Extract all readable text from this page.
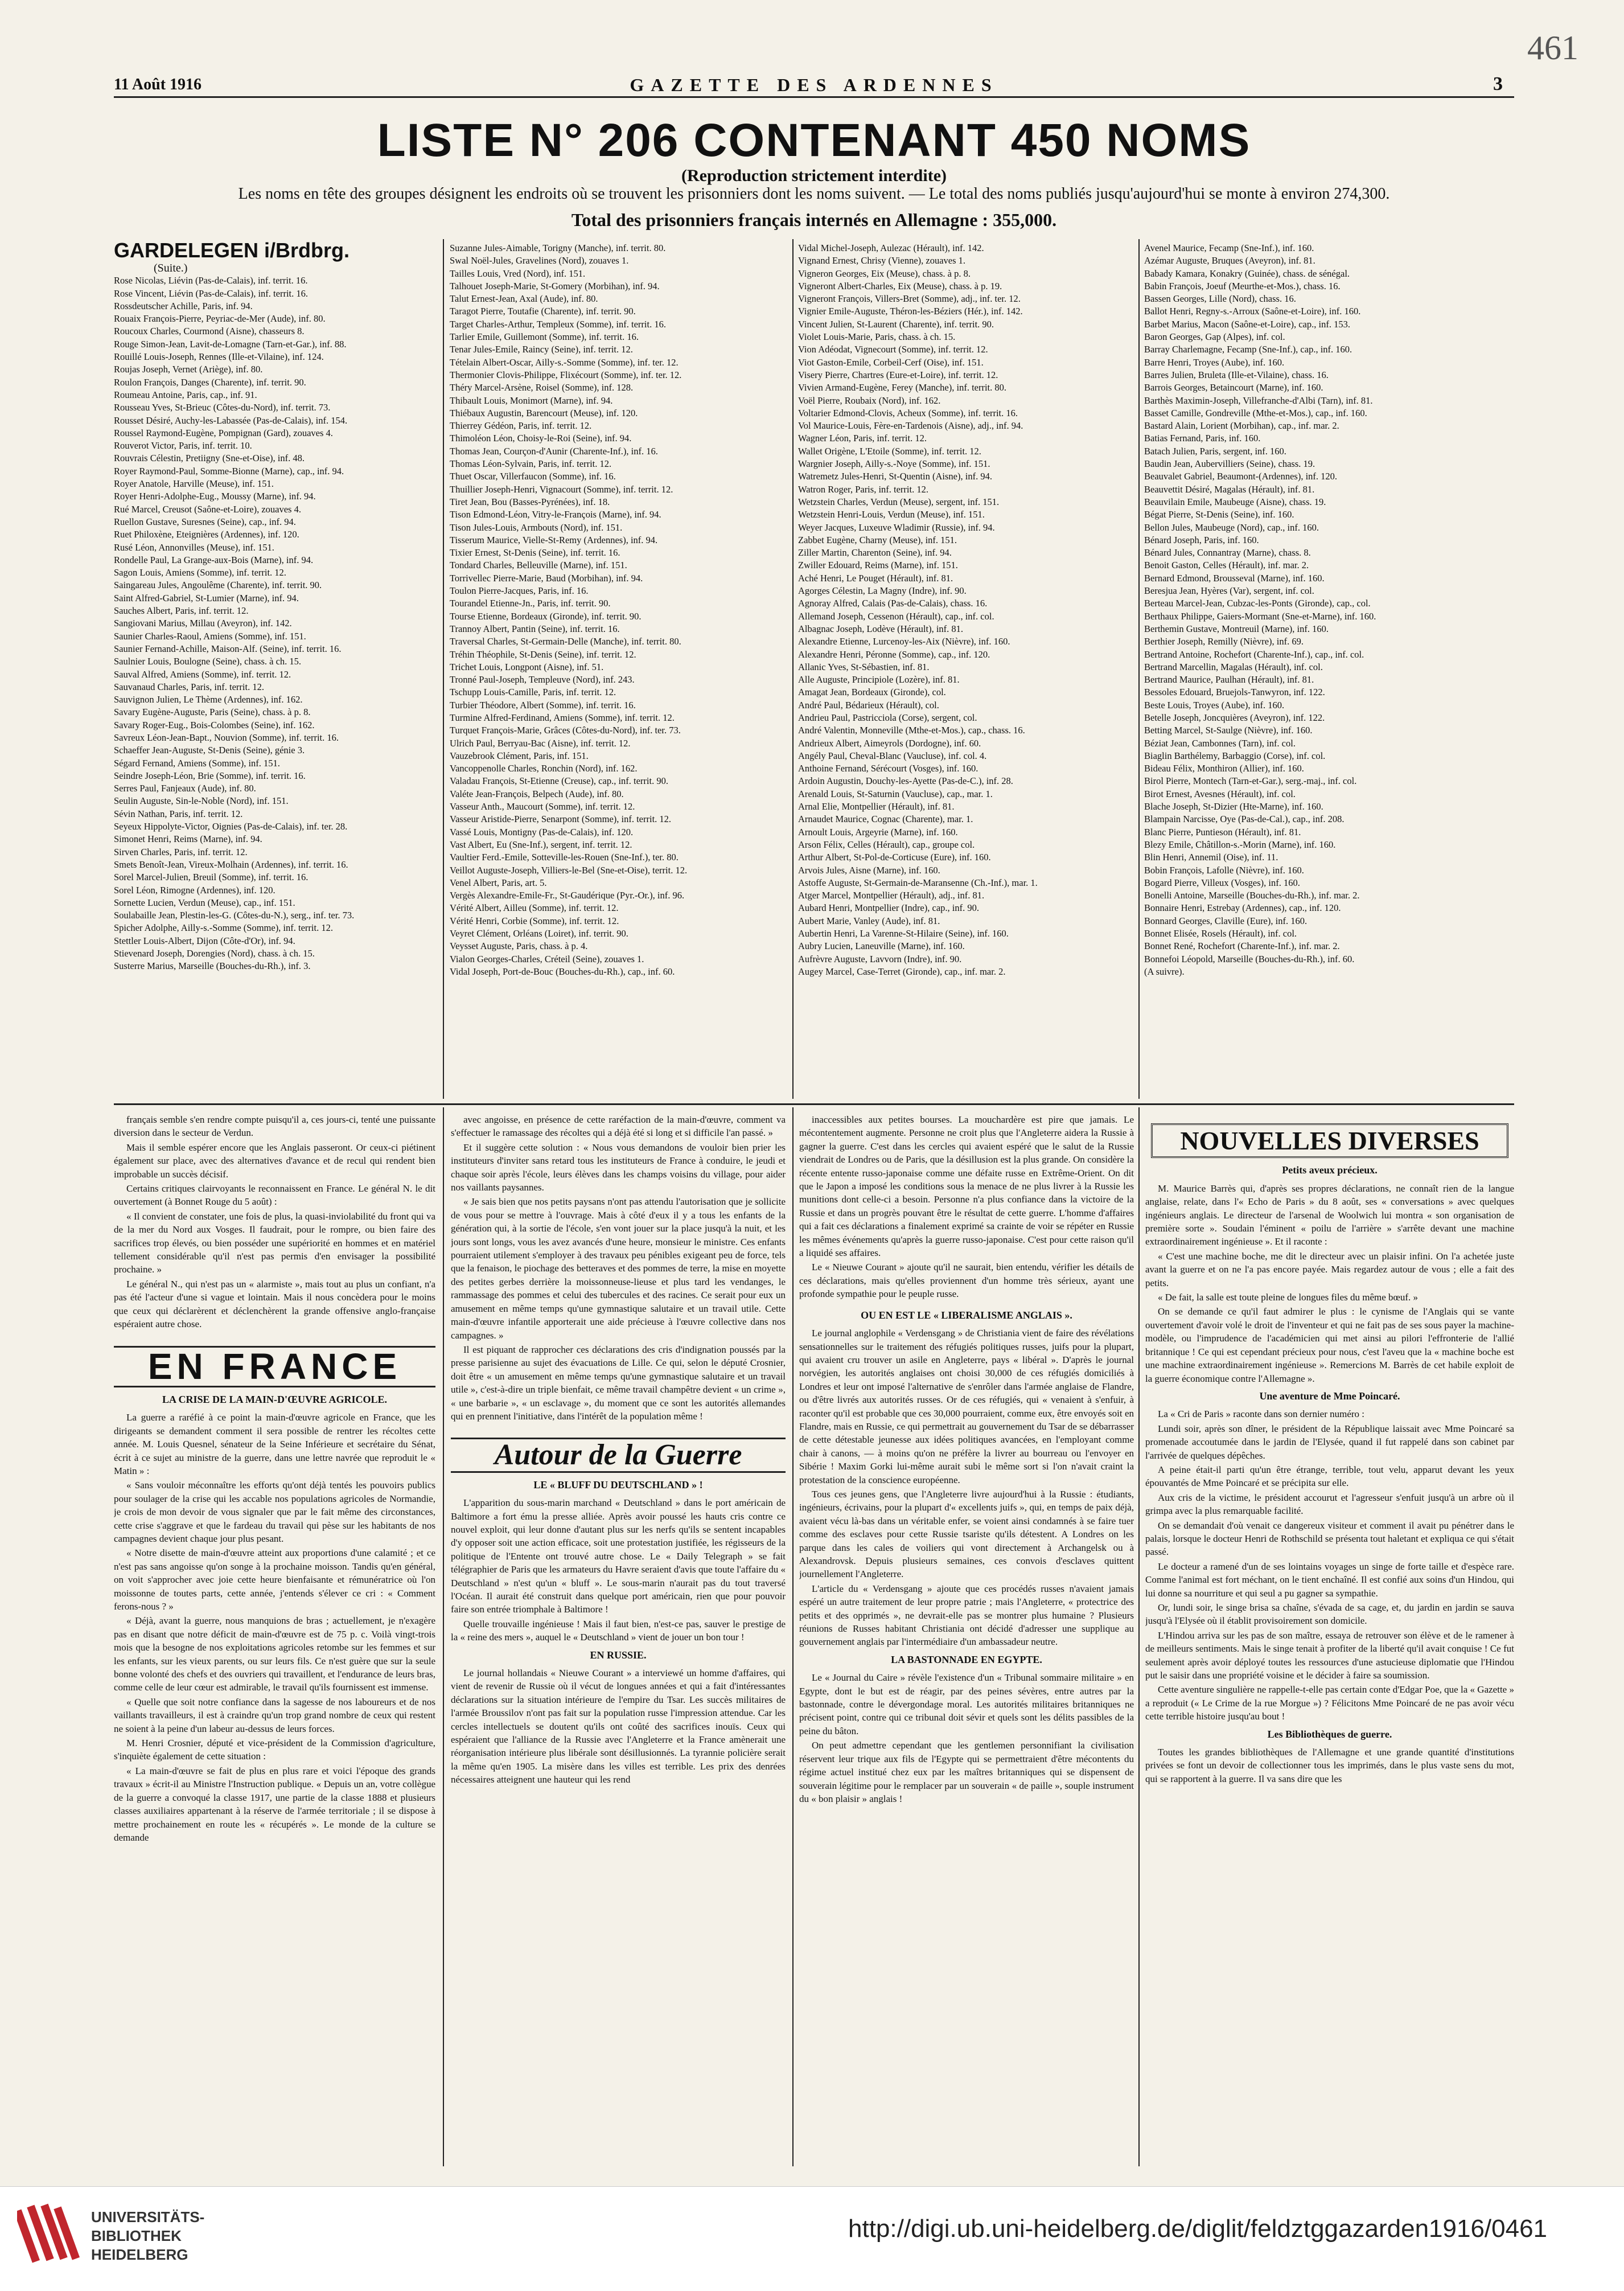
11 Août 1916	GAZETTE DES ARDENNES	3
461
LISTE N° 206 CONTENANT 450 NOMS
(Reproduction strictement interdite)
Les noms en tête des groupes désignent les endroits où se trouvent les prisonniers dont les noms suivent. — Le total des noms publiés jusqu'aujourd'hui se monte à environ 274,300.
Total des prisonniers français internés en Allemagne : 355,000.
GARDELEGEN i/Brdbrg.
(Suite.)
Rose Nicolas, Liévin (Pas-de-Calais), inf. territ. 16.
Rose Vincent, Liévin (Pas-de-Calais), inf. territ. 16.
Rossdeutscher Achille, Paris, inf. 94.
Rouaix François-Pierre, Peyriac-de-Mer (Aude), inf. 80.
Roucoux Charles, Courmond (Aisne), chasseurs 8.
Rouge Simon-Jean, Lavit-de-Lomagne (Tarn-et-Gar.), inf. 88.
Rouillé Louis-Joseph, Rennes (Ille-et-Vilaine), inf. 124.
Roujas Joseph, Vernet (Ariège), inf. 80.
Roulon François, Danges (Charente), inf. territ. 90.
Roumeau Antoine, Paris, cap., inf. 91.
Rousseau Yves, St-Brieuc (Côtes-du-Nord), inf. territ. 73.
Rousset Désiré, Auchy-les-Labassée (Pas-de-Calais), inf. 154.
Roussel Raymond-Eugène, Pompignan (Gard), zouaves 4.
Rouverot Victor, Paris, inf. territ. 10.
Rouvrais Célestin, Pretiigny (Sne-et-Oise), inf. 48.
Royer Raymond-Paul, Somme-Bionne (Marne), cap., inf. 94.
Royer Anatole, Harville (Meuse), inf. 151.
Royer Henri-Adolphe-Eug., Moussy (Marne), inf. 94.
Rué Marcel, Creusot (Saône-et-Loire), zouaves 4.
Ruellon Gustave, Suresnes (Seine), cap., inf. 94.
Ruet Philoxène, Eteignières (Ardennes), inf. 120.
Rusé Léon, Annonvilles (Meuse), inf. 151.
Rondelle Paul, La Grange-aux-Bois (Marne), inf. 94.
Sagon Louis, Amiens (Somme), inf. territ. 12.
Saingareau Jules, Angoulême (Charente), inf. territ. 90.
Saint Alfred-Gabriel, St-Lumier (Marne), inf. 94.
Sauches Albert, Paris, inf. territ. 12.
Sangiovani Marius, Millau (Aveyron), inf. 142.
Saunier Charles-Raoul, Amiens (Somme), inf. 151.
Saunier Fernand-Achille, Maison-Alf. (Seine), inf. territ. 16.
Saulnier Louis, Boulogne (Seine), chass. à ch. 15.
Sauval Alfred, Amiens (Somme), inf. territ. 12.
Sauvanaud Charles, Paris, inf. territ. 12.
Sauvignon Julien, Le Thème (Ardennes), inf. 162.
Savary Eugène-Auguste, Paris (Seine), chass. à p. 8.
Savary Roger-Eug., Bois-Colombes (Seine), inf. 162.
Savreux Léon-Jean-Bapt., Nouvion (Somme), inf. territ. 16.
Schaeffer Jean-Auguste, St-Denis (Seine), génie 3.
Ségard Fernand, Amiens (Somme), inf. 151.
Seindre Joseph-Léon, Brie (Somme), inf. territ. 16.
Serres Paul, Fanjeaux (Aude), inf. 80.
Seulin Auguste, Sin-le-Noble (Nord), inf. 151.
Sévin Nathan, Paris, inf. territ. 12.
Seyeux Hippolyte-Victor, Oignies (Pas-de-Calais), inf. ter. 28.
Simonet Henri, Reims (Marne), inf. 94.
Sirven Charles, Paris, inf. territ. 12.
Smets Benoît-Jean, Vireux-Molhain (Ardennes), inf. territ. 16.
Sorel Marcel-Julien, Breuil (Somme), inf. territ. 16.
Sorel Léon, Rimogne (Ardennes), inf. 120.
Sornette Lucien, Verdun (Meuse), cap., inf. 151.
Soulabaille Jean, Plestin-les-G. (Côtes-du-N.), serg., inf. ter. 73.
Spicher Adolphe, Ailly-s.-Somme (Somme), inf. territ. 12.
Stettler Louis-Albert, Dijon (Côte-d'Or), inf. 94.
Stievenard Joseph, Dorengies (Nord), chass. à ch. 15.
Susterre Marius, Marseille (Bouches-du-Rh.), inf. 3.
Suzanne Jules-Aimable, Torigny (Manche), inf. territ. 80.
Swal Noël-Jules, Gravelines (Nord), zouaves 1.
Tailles Louis, Vred (Nord), inf. 151.
Talhouet Joseph-Marie, St-Gomery (Morbihan), inf. 94.
Talut Ernest-Jean, Axal (Aude), inf. 80.
Taragot Pierre, Toutafie (Charente), inf. territ. 90.
Target Charles-Arthur, Templeux (Somme), inf. territ. 16.
Tarlier Emile, Guillemont (Somme), inf. territ. 16.
Tenar Jules-Emile, Raincy (Seine), inf. territ. 12.
Tételain Albert-Oscar, Ailly-s.-Somme (Somme), inf. ter. 12.
Thermonier Clovis-Philippe, Flixécourt (Somme), inf. ter. 12.
Théry Marcel-Arsène, Roisel (Somme), inf. 128.
Thibault Louis, Monimort (Marne), inf. 94.
Thiébaux Augustin, Barencourt (Meuse), inf. 120.
Thierrey Gédéon, Paris, inf. territ. 12.
Thimoléon Léon, Choisy-le-Roi (Seine), inf. 94.
Thomas Jean, Courçon-d'Aunir (Charente-Inf.), inf. 16.
Thomas Léon-Sylvain, Paris, inf. territ. 12.
Thuet Oscar, Villerfaucon (Somme), inf. 16.
Thuillier Joseph-Henri, Vignacourt (Somme), inf. territ. 12.
Tiret Jean, Bou (Basses-Pyrénées), inf. 18.
Tison Edmond-Léon, Vitry-le-François (Marne), inf. 94.
Tison Jules-Louis, Armbouts (Nord), inf. 151.
Tisserum Maurice, Vielle-St-Remy (Ardennes), inf. 94.
Tixier Ernest, St-Denis (Seine), inf. territ. 16.
Tondard Charles, Belleuville (Marne), inf. 151.
Torrivellec Pierre-Marie, Baud (Morbihan), inf. 94.
Toulon Pierre-Jacques, Paris, inf. 16.
Tourandel Etienne-Jn., Paris, inf. territ. 90.
Tourse Etienne, Bordeaux (Gironde), inf. territ. 90.
Trannoy Albert, Pantin (Seine), inf. territ. 16.
Traversal Charles, St-Germain-Delle (Manche), inf. territ. 80.
Tréhin Théophile, St-Denis (Seine), inf. territ. 12.
Trichet Louis, Longpont (Aisne), inf. 51.
Tronné Paul-Joseph, Templeuve (Nord), inf. 243.
Tschupp Louis-Camille, Paris, inf. territ. 12.
Turbier Théodore, Albert (Somme), inf. territ. 16.
Turmine Alfred-Ferdinand, Amiens (Somme), inf. territ. 12.
Turquet François-Marie, Grâces (Côtes-du-Nord), inf. ter. 73.
Ulrich Paul, Berryau-Bac (Aisne), inf. territ. 12.
Vauzebrook Clément, Paris, inf. 151.
Vancoppenolle Charles, Ronchin (Nord), inf. 162.
Valadau François, St-Etienne (Creuse), cap., inf. territ. 90.
Valéte Jean-François, Belpech (Aude), inf. 80.
Vasseur Anth., Maucourt (Somme), inf. territ. 12.
Vasseur Aristide-Pierre, Senarpont (Somme), inf. territ. 12.
Vassé Louis, Montigny (Pas-de-Calais), inf. 120.
Vast Albert, Eu (Sne-Inf.), sergent, inf. territ. 12.
Vaultier Ferd.-Emile, Sotteville-les-Rouen (Sne-Inf.), ter. 80.
Veillot Auguste-Joseph, Villiers-le-Bel (Sne-et-Oise), territ. 12.
Venel Albert, Paris, art. 5.
Vergès Alexandre-Emile-Fr., St-Gaudérique (Pyr.-Or.), inf. 96.
Vérité Albert, Ailleu (Somme), inf. territ. 12.
Vérité Henri, Corbie (Somme), inf. territ. 12.
Veyret Clément, Orléans (Loiret), inf. territ. 90.
Veysset Auguste, Paris, chass. à p. 4.
Vialon Georges-Charles, Créteil (Seine), zouaves 1.
Vidal Joseph, Port-de-Bouc (Bouches-du-Rh.), cap., inf. 60.
Vidal Michel-Joseph, Aulezac (Hérault), inf. 142.
Vignand Ernest, Chrisy (Vienne), zouaves 1.
Vigneron Georges, Eix (Meuse), chass. à p. 8.
Vigneront Albert-Charles, Eix (Meuse), chass. à p. 19.
Vigneront François, Villers-Bret (Somme), adj., inf. ter. 12.
Vignier Emile-Auguste, Théron-les-Béziers (Hér.), inf. 142.
Vincent Julien, St-Laurent (Charente), inf. territ. 90.
Violet Louis-Marie, Paris, chass. à ch. 15.
Vion Adéodat, Vignecourt (Somme), inf. territ. 12.
Viot Gaston-Emile, Corbeil-Cerf (Oise), inf. 151.
Visery Pierre, Chartres (Eure-et-Loire), inf. territ. 12.
Vivien Armand-Eugène, Ferey (Manche), inf. territ. 80.
Voël Pierre, Roubaix (Nord), inf. 162.
Voltarier Edmond-Clovis, Acheux (Somme), inf. territ. 16.
Vol Maurice-Louis, Fère-en-Tardenois (Aisne), adj., inf. 94.
Wagner Léon, Paris, inf. territ. 12.
Wallet Origène, L'Etoile (Somme), inf. territ. 12.
Wargnier Joseph, Ailly-s.-Noye (Somme), inf. 151.
Watremetz Jules-Henri, St-Quentin (Aisne), inf. 94.
Watron Roger, Paris, inf. territ. 12.
Wetzstein Charles, Verdun (Meuse), sergent, inf. 151.
Wetzstein Henri-Louis, Verdun (Meuse), inf. 151.
Weyer Jacques, Luxeuve Wladimir (Russie), inf. 94.
Zabbet Eugène, Charny (Meuse), inf. 151.
Ziller Martin, Charenton (Seine), inf. 94.
Zwiller Edouard, Reims (Marne), inf. 151.
Aché Henri, Le Pouget (Hérault), inf. 81.
Agorges Célestin, La Magny (Indre), inf. 90.
Agnoray Alfred, Calais (Pas-de-Calais), chass. 16.
Allemand Joseph, Cessenon (Hérault), cap., inf. col.
Albagnac Joseph, Lodève (Hérault), inf. 81.
Alexandre Etienne, Lurcenoy-les-Aix (Nièvre), inf. 160.
Alexandre Henri, Péronne (Somme), cap., inf. 120.
Allanic Yves, St-Sébastien, inf. 81.
Alle Auguste, Principiole (Lozère), inf. 81.
Amagat Jean, Bordeaux (Gironde), col.
André Paul, Bédarieux (Hérault), col.
Andrieu Paul, Pastricciola (Corse), sergent, col.
André Valentin, Monneville (Mthe-et-Mos.), cap., chass. 16.
Andrieux Albert, Aimeyrols (Dordogne), inf. 60.
Angély Paul, Cheval-Blanc (Vaucluse), inf. col. 4.
Anthoine Fernand, Sérécourt (Vosges), inf. 160.
Ardoin Augustin, Douchy-les-Ayette (Pas-de-C.), inf. 28.
Arenald Louis, St-Saturnin (Vaucluse), cap., mar. 1.
Arnal Elie, Montpellier (Hérault), inf. 81.
Arnaudet Maurice, Cognac (Charente), mar. 1.
Arnoult Louis, Argeyrie (Marne), inf. 160.
Arson Félix, Celles (Hérault), cap., groupe col.
Arthur Albert, St-Pol-de-Corticuse (Eure), inf. 160.
Arvois Jules, Aisne (Marne), inf. 160.
Astoffe Auguste, St-Germain-de-Maransenne (Ch.-Inf.), mar. 1.
Atger Marcel, Montpellier (Hérault), adj., inf. 81.
Aubard Henri, Montpellier (Indre), cap., inf. 90.
Aubert Marie, Vanley (Aude), inf. 81.
Aubertin Henri, La Varenne-St-Hilaire (Seine), inf. 160.
Aubry Lucien, Laneuville (Marne), inf. 160.
Aufrèvre Auguste, Lavvorn (Indre), inf. 90.
Augey Marcel, Case-Terret (Gironde), cap., inf. mar. 2.
Avenel Maurice, Fecamp (Sne-Inf.), inf. 160.
Azémar Auguste, Bruques (Aveyron), inf. 81.
Babady Kamara, Konakry (Guinée), chass. de sénégal.
Babin François, Joeuf (Meurthe-et-Mos.), chass. 16.
Bassen Georges, Lille (Nord), chass. 16.
Ballot Henri, Regny-s.-Arroux (Saône-et-Loire), inf. 160.
Barbet Marius, Macon (Saône-et-Loire), cap., inf. 153.
Baron Georges, Gap (Alpes), inf. col.
Barray Charlemagne, Fecamp (Sne-Inf.), cap., inf. 160.
Barre Henri, Troyes (Aube), inf. 160.
Barres Julien, Bruleta (Ille-et-Vilaine), chass. 16.
Barrois Georges, Betaincourt (Marne), inf. 160.
Barthès Maximin-Joseph, Villefranche-d'Albi (Tarn), inf. 81.
Basset Camille, Gondreville (Mthe-et-Mos.), cap., inf. 160.
Bastard Alain, Lorient (Morbihan), cap., inf. mar. 2.
Batias Fernand, Paris, inf. 160.
Batach Julien, Paris, sergent, inf. 160.
Baudin Jean, Aubervilliers (Seine), chass. 19.
Beauvalet Gabriel, Beaumont-(Ardennes), inf. 120.
Beauvettit Désiré, Magalas (Hérault), inf. 81.
Beauvilain Emile, Maubeuge (Aisne), chass. 19.
Bégat Pierre, St-Denis (Seine), inf. 160.
Bellon Jules, Maubeuge (Nord), cap., inf. 160.
Bénard Joseph, Paris, inf. 160.
Bénard Jules, Connantray (Marne), chass. 8.
Benoit Gaston, Celles (Hérault), inf. mar. 2.
Bernard Edmond, Brousseval (Marne), inf. 160.
Beresjua Jean, Hyères (Var), sergent, inf. col.
Berteau Marcel-Jean, Cubzac-les-Ponts (Gironde), cap., col.
Berthaux Philippe, Gaiers-Mormant (Sne-et-Marne), inf. 160.
Berthemin Gustave, Montreuil (Marne), inf. 160.
Berthier Joseph, Remilly (Nièvre), inf. 69.
Bertrand Antoine, Rochefort (Charente-Inf.), cap., inf. col.
Bertrand Marcellin, Magalas (Hérault), inf. col.
Bertrand Maurice, Paulhan (Hérault), inf. 81.
Bessoles Edouard, Bruejols-Tanwyron, inf. 122.
Beste Louis, Troyes (Aube), inf. 160.
Betelle Joseph, Joncquières (Aveyron), inf. 122.
Betting Marcel, St-Saulge (Nièvre), inf. 160.
Béziat Jean, Cambonnes (Tarn), inf. col.
Biaglin Barthélemy, Barbaggio (Corse), inf. col.
Bideau Félix, Monthiron (Allier), inf. 160.
Birol Pierre, Montech (Tarn-et-Gar.), serg.-maj., inf. col.
Birot Ernest, Avesnes (Hérault), inf. col.
Blache Joseph, St-Dizier (Hte-Marne), inf. 160.
Blampain Narcisse, Oye (Pas-de-Cal.), cap., inf. 208.
Blanc Pierre, Puntieson (Hérault), inf. 81.
Blezy Emile, Châtillon-s.-Morin (Marne), inf. 160.
Blin Henri, Annemil (Oise), inf. 11.
Bobin François, Lafolle (Nièvre), inf. 160.
Bogard Pierre, Villeux (Vosges), inf. 160.
Bonelli Antoine, Marseille (Bouches-du-Rh.), inf. mar. 2.
Bonnaire Henri, Estrebay (Ardennes), cap., inf. 120.
Bonnard Georges, Claville (Eure), inf. 160.
Bonnet Elisée, Rosels (Hérault), inf. col.
Bonnet René, Rochefort (Charente-Inf.), inf. mar. 2.
Bonnefoi Léopold, Marseille (Bouches-du-Rh.), inf. 60.
(A suivre).

français semble s'en rendre compte puisqu'il a, ces jours-ci, tenté une puissante diversion dans le secteur de Verdun.

Mais il semble espérer encore que les Anglais passeront. Or ceux-ci piétinent également sur place, avec des alternatives d'avance et de recul qui rendent bien improbable un succès décisif.

Certains critiques clairvoyants le reconnaissent en France. Le général N. le dit ouvertement (à Bonnet Rouge du 5 août) :

« Il convient de constater, une fois de plus, la quasi-inviolabilité du front qui va de la mer du Nord aux Vosges. Il faudrait, pour le rompre, ou bien faire des sacrifices trop élevés, ou bien posséder une supériorité en hommes et en matériel tellement considérable qu'il n'est pas permis d'en envisager la possibilité prochaine. »

Le général N., qui n'est pas un « alarmiste », mais tout au plus un confiant, n'a pas été l'acteur d'une si vague et lointain. Mais il nous concèdera pour le moins que ceux qui déclarèrent et déclenchèrent la grande offensive anglo-française espéraient autre chose.

EN FRANCE
LA CRISE DE LA MAIN-D'ŒUVRE AGRICOLE.

La guerre a raréfié à ce point la main-d'œuvre agricole en France, que les dirigeants se demandent comment il sera possible de rentrer les récoltes cette année. M. Louis Quesnel, sénateur de la Seine Inférieure et secrétaire du Sénat, écrit à ce sujet au ministre de la guerre, dans une lettre navrée que reproduit le « Matin » :

« Sans vouloir méconnaître les efforts qu'ont déjà tentés les pouvoirs publics pour soulager de la crise qui les accable nos populations agricoles de Normandie, je crois de mon devoir de vous signaler que par le fait même des circonstances, cette crise s'aggrave et que le fardeau du travail qui pèse sur les habitants de nos campagnes devient chaque jour plus pesant.

« Notre disette de main-d'œuvre atteint aux proportions d'une calamité ; et ce n'est pas sans angoisse qu'on songe à la prochaine moisson. Tandis qu'en général, on voit s'approcher avec joie cette heure bienfaisante et rémunératrice où l'on moissonne de toutes parts, cette année, j'entends s'élever ce cri : « Comment ferons-nous ? »

« Déjà, avant la guerre, nous manquions de bras ; actuellement, je n'exagère pas en disant que notre déficit de main-d'œuvre est de 75 p. c. Voilà vingt-trois mois que la besogne de nos exploitations agricoles retombe sur les femmes et sur les enfants, sur les vieux parents, ou sur leurs fils. Ce n'est guère que sur la seule bonne volonté des chefs et des ouvriers qui travaillent, et l'endurance de leurs bras, comme celle de leur cœur est admirable, le travail qu'ils fournissent est immense.

« Quelle que soit notre confiance dans la sagesse de nos laboureurs et de nos vaillants travailleurs, il est à craindre qu'un trop grand nombre de ceux qui restent ne soient à la peine d'un labeur au-dessus de leurs forces.

M. Henri Crosnier, député et vice-président de la Commission d'agriculture, s'inquiète également de cette situation :

« La main-d'œuvre se fait de plus en plus rare et voici l'époque des grands travaux » écrit-il au Ministre l'Instruction publique. « Depuis un an, votre collègue de la guerre a convoqué la classe 1917, une partie de la classe 1888 et plusieurs classes auxiliaires appartenant à la réserve de l'armée territoriale ; il se dispose à mettre prochainement en route les « récupérés ». Le monde de la culture se demande

avec angoisse, en présence de cette raréfaction de la main-d'œuvre, comment va s'effectuer le ramassage des récoltes qui a déjà été si long et si difficile l'an passé. »

Et il suggère cette solution : « Nous vous demandons de vouloir bien prier les instituteurs d'inviter sans retard tous les instituteurs de France à conduire, le jeudi et chaque soir après l'école, leurs élèves dans les champs voisins du village, pour aider nos vaillants paysannes.

« Je sais bien que nos petits paysans n'ont pas attendu l'autorisation que je sollicite de vous pour se mettre à l'ouvrage. Mais à côté d'eux il y a tous les enfants de la génération qui, à la sortie de l'école, s'en vont jouer sur la place jusqu'à la nuit, et les jours sont longs, vous les avez avancés d'une heure, monsieur le ministre. Ces enfants pourraient utilement s'employer à des travaux peu pénibles exigeant peu de force, tels que la fenaison, le piochage des betteraves et des pommes de terre, la mise en moyette des petites gerbes derrière la moissonneuse-lieuse et plus tard les vendanges, le rammassage des pommes et celui des tubercules et des racines. Ce serait pour eux un amusement en même temps qu'une gymnastique salutaire et un travail utile. Cette main-d'œuvre infantile apporterait une aide précieuse à l'œuvre collective dans nos campagnes. »

Il est piquant de rapprocher ces déclarations des cris d'indignation poussés par la presse parisienne au sujet des évacuations de Lille. Ce qui, selon le député Crosnier, doit être « un amusement en même temps qu'une gymnastique salutaire et un travail utile », c'est-à-dire un triple bienfait, ce même travail champêtre devient « un crime », « une barbarie », « un esclavage », du moment que ce sont les autorités allemandes qui en prennent l'initiative, dans l'intérêt de la population même !

Autour de la Guerre
LE « BLUFF DU DEUTSCHLAND » !

L'apparition du sous-marin marchand « Deutschland » dans le port américain de Baltimore a fort ému la presse alliée. Après avoir poussé les hauts cris contre ce nouvel exploit, qui leur donne d'autant plus sur les nerfs qu'ils se sentent incapables d'y opposer soit une action efficace, soit une protestation justifiée, les régisseurs de la politique de l'Entente ont trouvé autre chose. Le « Daily Telegraph » se fait télégraphier de Paris que les armateurs du Havre seraient d'avis que toute l'affaire du « Deutschland » n'est qu'un « bluff ». Le sous-marin n'aurait pas du tout traversé l'Océan. Il aurait été construit dans quelque port américain, rien que pour pouvoir faire son entrée triomphale à Baltimore !

Quelle trouvaille ingénieuse ! Mais il faut bien, n'est-ce pas, sauver le prestige de la « reine des mers », auquel le « Deutschland » vient de jouer un bon tour !

EN RUSSIE.

Le journal hollandais « Nieuwe Courant » a interviewé un homme d'affaires, qui vient de revenir de Russie où il vécut de longues années et qui a fait d'intéressantes déclarations sur la situation intérieure de l'empire du Tsar. Les succès militaires de l'armée Broussilov n'ont pas fait sur la population russe l'impression attendue. Car les cercles intellectuels se doutent qu'ils ont coûté des sacrifices inouïs. Ceux qui espéraient que l'alliance de la Russie avec l'Angleterre et la France amènerait une réorganisation intérieure plus libérale sont désillusionnés. La tyrannie policière serait la même qu'en 1905. La misère dans les villes est terrible. Les prix des denrées nécessaires atteignent une hauteur qui les rend

inaccessibles aux petites bourses. La mouchardère est pire que jamais. Le mécontentement augmente. Personne ne croit plus que l'Angleterre aidera la Russie à gagner la guerre. C'est dans les cercles qui avaient espéré que le salut de la Russie viendrait de Londres ou de Paris, que la désillusion est la plus grande. On considère la récente entente russo-japonaise comme une défaite russe en Extrême-Orient. On dit que le Japon a imposé les conditions sous la menace de ne plus livrer à la Russie les munitions dont celle-ci a besoin. Personne n'a plus confiance dans la victoire de la Russie et dans un progrès pouvant être le résultat de cette guerre. L'homme d'affaires qui a fait ces déclarations a finalement exprimé sa crainte de voir se répéter en Russie les mêmes événements qu'après la guerre russo-japonaise. C'est pour cette raison qu'il a liquidé ses affaires.

Le « Nieuwe Courant » ajoute qu'il ne saurait, bien entendu, vérifier les détails de ces déclarations, mais qu'elles proviennent d'un homme très sérieux, ayant une profonde sympathie pour le peuple russe.

OU EN EST LE « LIBERALISME ANGLAIS ».

Le journal anglophile « Verdensgang » de Christiania vient de faire des révélations sensationnelles sur le traitement des réfugiés politiques russes, juifs pour la plupart, qui avaient cru trouver un asile en Angleterre, pays « libéral ». D'après le journal norvégien, les autorités anglaises ont choisi 30,000 de ces réfugiés domiciliés à Londres et leur ont imposé l'alternative de s'enrôler dans l'armée anglaise de Flandre, ou d'être livrés aux autorités russes. Or de ces réfugiés, qui « venaient à s'enfuir, à raconter qu'il est probable que ces 30,000 pourraient, comme eux, être envoyés soit en Flandre, mais en Russie, ce qui permettrait au gouvernement du Tsar de se débarrasser de cette détestable jeunesse aux idées politiques avancées, en l'employant comme chair à canons, — à moins qu'on ne préfère la livrer au bourreau ou l'envoyer en Sibérie ! Maxim Gorki lui-même aurait subi le même sort si l'on n'avait craint la protestation de la conscience européenne.

Tous ces jeunes gens, que l'Angleterre livre aujourd'hui à la Russie : étudiants, ingénieurs, écrivains, pour la plupart d'« excellents juifs », qui, en temps de paix déjà, avaient vécu là-bas dans un véritable enfer, se voient ainsi condamnés à se faire tuer comme des esclaves pour cette Russie tsariste qu'ils détestent. A Londres on les parque dans les cales de voiliers qui vont directement à Archangelsk ou à Alexandrovsk. Depuis plusieurs semaines, ces convois d'esclaves quittent journellement l'Angleterre.

L'article du « Verdensgang » ajoute que ces procédés russes n'avaient jamais espéré un autre traitement de leur propre patrie ; mais l'Angleterre, « protectrice des petits et des opprimés », ne devrait-elle pas se montrer plus humaine ? Plusieurs réunions de Russes habitant Christiania ont décidé d'adresser une supplique au gouvernement anglais par l'intermédiaire d'un ambassadeur neutre.

LA BASTONNADE EN EGYPTE.

Le « Journal du Caire » révèle l'existence d'un « Tribunal sommaire militaire » en Egypte, dont le but est de réagir, par des peines sévères, entre autres par la bastonnade, contre le dévergondage moral. Les autorités militaires britanniques ne précisent point, contre qui ce tribunal doit sévir et quels sont les délits passibles de la peine du bâton.

On peut admettre cependant que les gentlemen personnifiant la civilisation réservent leur trique aux fils de l'Egypte qui se permettraient d'être mécontents du régime actuel institué chez eux par les maîtres britanniques qui se dispensent de souverain légitime pour le remplacer par un souverain « de paille », souple instrument du « bon plaisir » anglais !

NOUVELLES DIVERSES
Petits aveux précieux.

M. Maurice Barrès qui, d'après ses propres déclarations, ne connaît rien de la langue anglaise, relate, dans l'« Echo de Paris » du 8 août, ses « conversations » avec quelques ingénieurs anglais. Le directeur de l'arsenal de Woolwich lui montra « son organisation de première sorte ». Soudain l'éminent « poilu de l'arrière » s'arrête devant une machine extraordinairement ingénieuse ». Et il raconte :

« C'est une machine boche, me dit le directeur avec un plaisir infini. On l'a achetée juste avant la guerre et on ne l'a pas encore payée. Mais regardez autour de vous ; elle a fait des petits.

« De fait, la salle est toute pleine de longues files du même bœuf. »

On se demande ce qu'il faut admirer le plus : le cynisme de l'Anglais qui se vante ouvertement d'avoir volé le droit de l'inventeur et qui ne fait pas de ses sous payer la machine-modèle, ou l'imprudence de l'académicien qui met ainsi au pilori l'effronterie de l'allié britannique ! Ce qui est cependant précieux pour nous, c'est l'aveu que la « machine boche est une machine extraordinairement ingénieuse ». Remercions M. Barrès de cet habile exploit de la guerre économique contre l'Allemagne ».

Une aventure de Mme Poincaré.

La « Cri de Paris » raconte dans son dernier numéro :

Lundi soir, après son dîner, le président de la République laissait avec Mme Poincaré sa promenade accoutumée dans le jardin de l'Elysée, quand il fut rappelé dans son cabinet par l'arrivée de quelques dépêches.

A peine était-il parti qu'un être étrange, terrible, tout velu, apparut devant les yeux épouvantés de Mme Poincaré et se précipita sur elle.

Aux cris de la victime, le président accourut et l'agresseur s'enfuit jusqu'à un arbre où il grimpa avec la plus remarquable facilité.

On se demandait d'où venait ce dangereux visiteur et comment il avait pu pénétrer dans le palais, lorsque le docteur Henri de Rothschild se présenta tout haletant et expliqua ce qui s'était passé.

Le docteur a ramené d'un de ses lointains voyages un singe de forte taille et d'espèce rare. Comme l'animal est fort méchant, on le tient enchaîné. Il est confié aux soins d'un Hindou, qui lui donne sa nourriture et qui seul a pu gagner sa sympathie.

Or, lundi soir, le singe brisa sa chaîne, s'évada de sa cage, et, du jardin en jardin se sauva jusqu'à l'Elysée où il établit provisoirement son domicile.

L'Hindou arriva sur les pas de son maître, essaya de retrouver son élève et de le ramener à de meilleurs sentiments. Mais le singe tenait à profiter de la liberté qu'il avait conquise ! Ce fut seulement après avoir déployé toutes les ressources d'une astucieuse diplomatie que l'Hindou put le saisir dans une propriété voisine et le décider à faire sa soumission.

Cette aventure singulière ne rappelle-t-elle pas certain conte d'Edgar Poe, que la « Gazette » a reproduit (« Le Crime de la rue Morgue ») ? Félicitons Mme Poincaré de ne pas avoir vécu cette terrible histoire jusqu'au bout !

Les Bibliothèques de guerre.

Toutes les grandes bibliothèques de l'Allemagne et une grande quantité d'institutions privées se font un devoir de collectionner tous les imprimés, dans le plus vaste sens du mot, qui se rapportent à la guerre. Il va sans dire que les

UNIVERSITÄTS-
BIBLIOTHEK
HEIDELBERG
http://digi.ub.uni-heidelberg.de/diglit/feldztggazarden1916/0461
